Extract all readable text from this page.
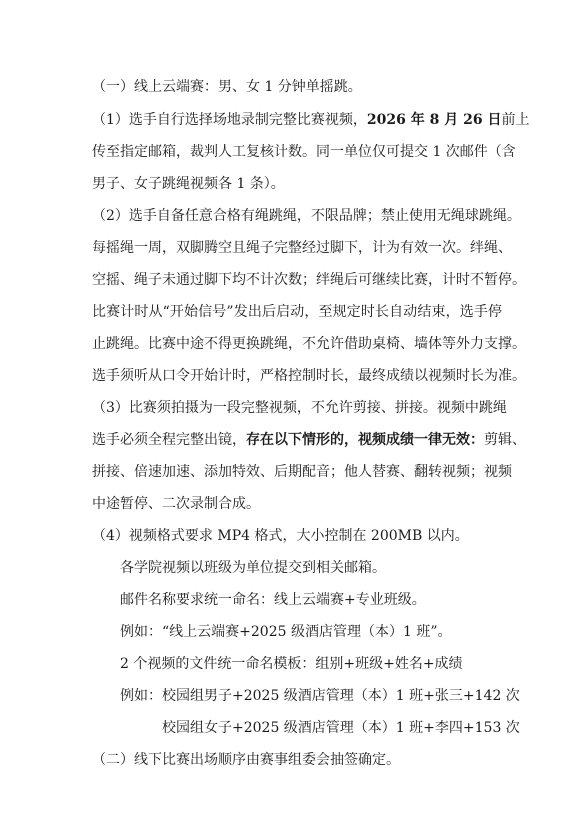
（一）线上云端赛：男、女 1 分钟单摇跳。
（1）选手自行选择场地录制完整比赛视频，2026 年 8 月 26 日前上
传至指定邮箱，裁判人工复核计数。同一单位仅可提交 1 次邮件（含
男子、女子跳绳视频各 1 条）。
（2）选手自备任意合格有绳跳绳，不限品牌；禁止使用无绳球跳绳。
每摇绳一周，双脚腾空且绳子完整经过脚下，计为有效一次。绊绳、
空摇、绳子未通过脚下均不计次数；绊绳后可继续比赛，计时不暂停。
比赛计时从“开始信号”发出后启动，至规定时长自动结束，选手停
止跳绳。比赛中途不得更换跳绳，不允许借助桌椅、墙体等外力支撑。
选手须听从口令开始计时，严格控制时长，最终成绩以视频时长为准。
（3）比赛须拍摄为一段完整视频，不允许剪接、拼接。视频中跳绳
选手必须全程完整出镜，存在以下情形的，视频成绩一律无效：剪辑、
拼接、倍速加速、添加特效、后期配音；他人替赛、翻转视频；视频
中途暂停、二次录制合成。
（4）视频格式要求 MP4 格式，大小控制在 200MB 以内。
各学院视频以班级为单位提交到相关邮箱。
邮件名称要求统一命名：线上云端赛+专业班级。
例如：“线上云端赛+2025 级酒店管理（本）1 班”。
2 个视频的文件统一命名模板：组别+班级+姓名+成绩
例如：校园组男子+2025 级酒店管理（本）1 班+张三+142 次
校园组女子+2025 级酒店管理（本）1 班+李四+153 次
（二）线下比赛出场顺序由赛事组委会抽签确定。
